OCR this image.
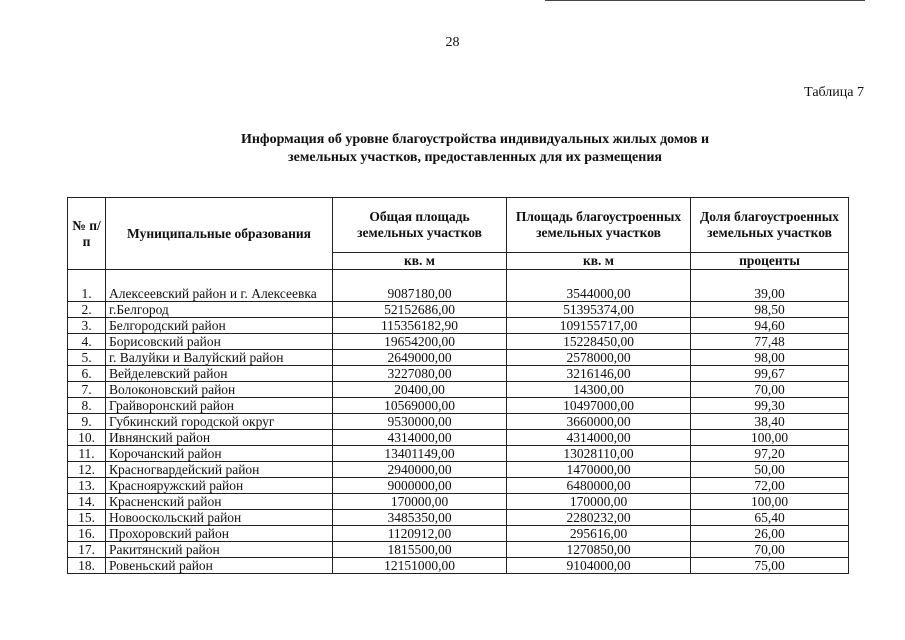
28
Таблица 7
Информация об уровне благоустройства индивидуальных жилых домов и
земельных участков, предоставленных для их размещения
№ п/п	Муниципальные образования	Общая площадь земельных участков	Площадь благоустроенных земельных участков	Доля благоустроенных земельных участков
		кв. м	кв. м	проценты
1.	Алексеевский район и г. Алексеевка	9087180,00	3544000,00	39,00
2.	г.Белгород	52152686,00	51395374,00	98,50
3.	Белгородский район	115356182,90	109155717,00	94,60
4.	Борисовский район	19654200,00	15228450,00	77,48
5.	г. Валуйки и Валуйский район	2649000,00	2578000,00	98,00
6.	Вейделевский район	3227080,00	3216146,00	99,67
7.	Волоконовский район	20400,00	14300,00	70,00
8.	Грайворонский район	10569000,00	10497000,00	99,30
9.	Губкинский городской округ	9530000,00	3660000,00	38,40
10.	Ивнянский район	4314000,00	4314000,00	100,00
11.	Корочанский район	13401149,00	13028110,00	97,20
12.	Красногвардейский район	2940000,00	1470000,00	50,00
13.	Краснояружский район	9000000,00	6480000,00	72,00
14.	Красненский район	170000,00	170000,00	100,00
15.	Новооскольский район	3485350,00	2280232,00	65,40
16.	Прохоровский район	1120912,00	295616,00	26,00
17.	Ракитянский район	1815500,00	1270850,00	70,00
18.	Ровеньский район	12151000,00	9104000,00	75,00
